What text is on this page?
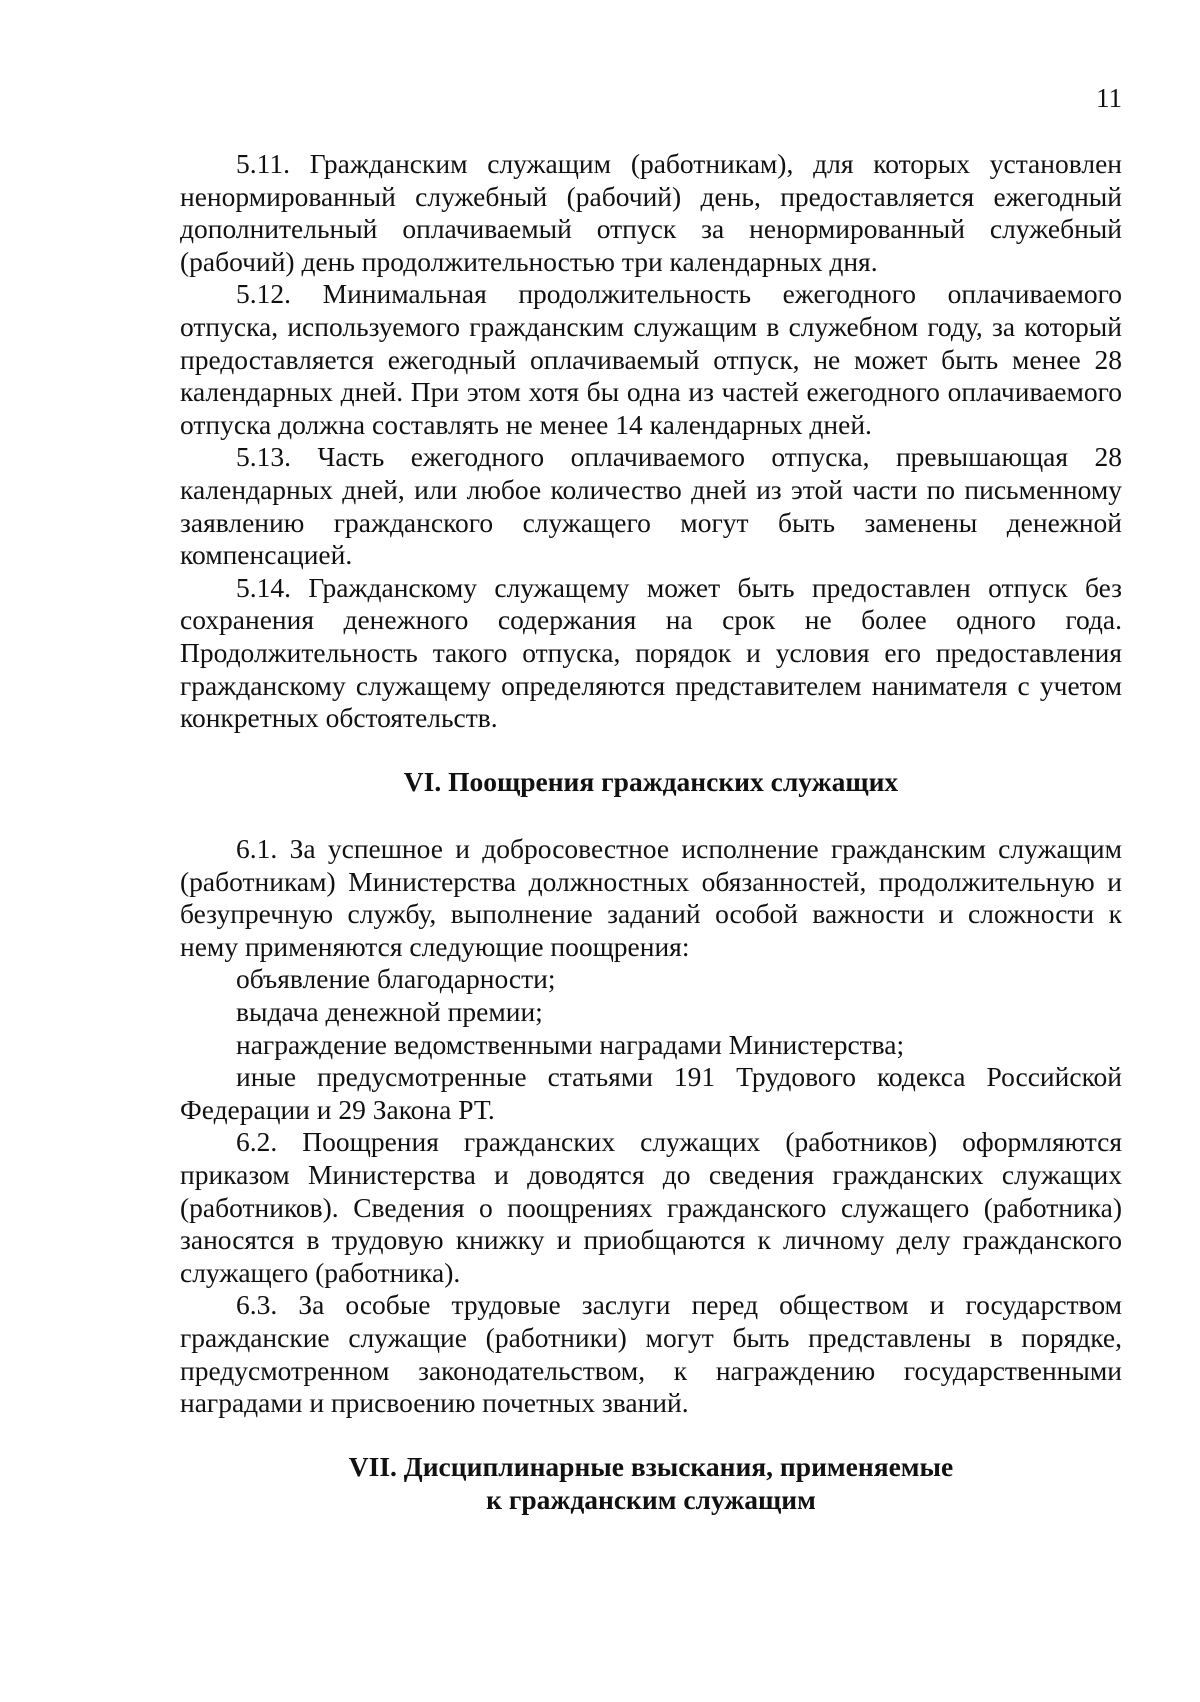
11

5.11. Гражданским служащим (работникам), для которых установлен ненормированный служебный (рабочий) день, предоставляется ежегодный дополнительный оплачиваемый отпуск за ненормированный служебный (рабочий) день продолжительностью три календарных дня.

5.12. Минимальная продолжительность ежегодного оплачиваемого отпуска, используемого гражданским служащим в служебном году, за который предоставляется ежегодный оплачиваемый отпуск, не может быть менее 28 календарных дней. При этом хотя бы одна из частей ежегодного оплачиваемого отпуска должна составлять не менее 14 календарных дней.

5.13. Часть ежегодного оплачиваемого отпуска, превышающая 28 календарных дней, или любое количество дней из этой части по письменному заявлению гражданского служащего могут быть заменены денежной компенсацией.

5.14. Гражданскому служащему может быть предоставлен отпуск без сохранения денежного содержания на срок не более одного года. Продолжительность такого отпуска, порядок и условия его предоставления гражданскому служащему определяются представителем нанимателя с учетом конкретных обстоятельств.

VI. Поощрения гражданских служащих

6.1. За успешное и добросовестное исполнение гражданским служащим (работникам) Министерства должностных обязанностей, продолжительную и безупречную службу, выполнение заданий особой важности и сложности к нему применяются следующие поощрения:

объявление благодарности;

выдача денежной премии;

награждение ведомственными наградами Министерства;

иные предусмотренные статьями 191 Трудового кодекса Российской Федерации и 29 Закона РТ.

6.2. Поощрения гражданских служащих (работников) оформляются приказом Министерства и доводятся до сведения гражданских служащих (работников). Сведения о поощрениях гражданского служащего (работника) заносятся в трудовую книжку и приобщаются к личному делу гражданского служащего (работника).

6.3. За особые трудовые заслуги перед обществом и государством гражданские служащие (работники) могут быть представлены в порядке, предусмотренном законодательством, к награждению государственными наградами и присвоению почетных званий.

VII. Дисциплинарные взыскания, применяемые
к гражданским служащим
